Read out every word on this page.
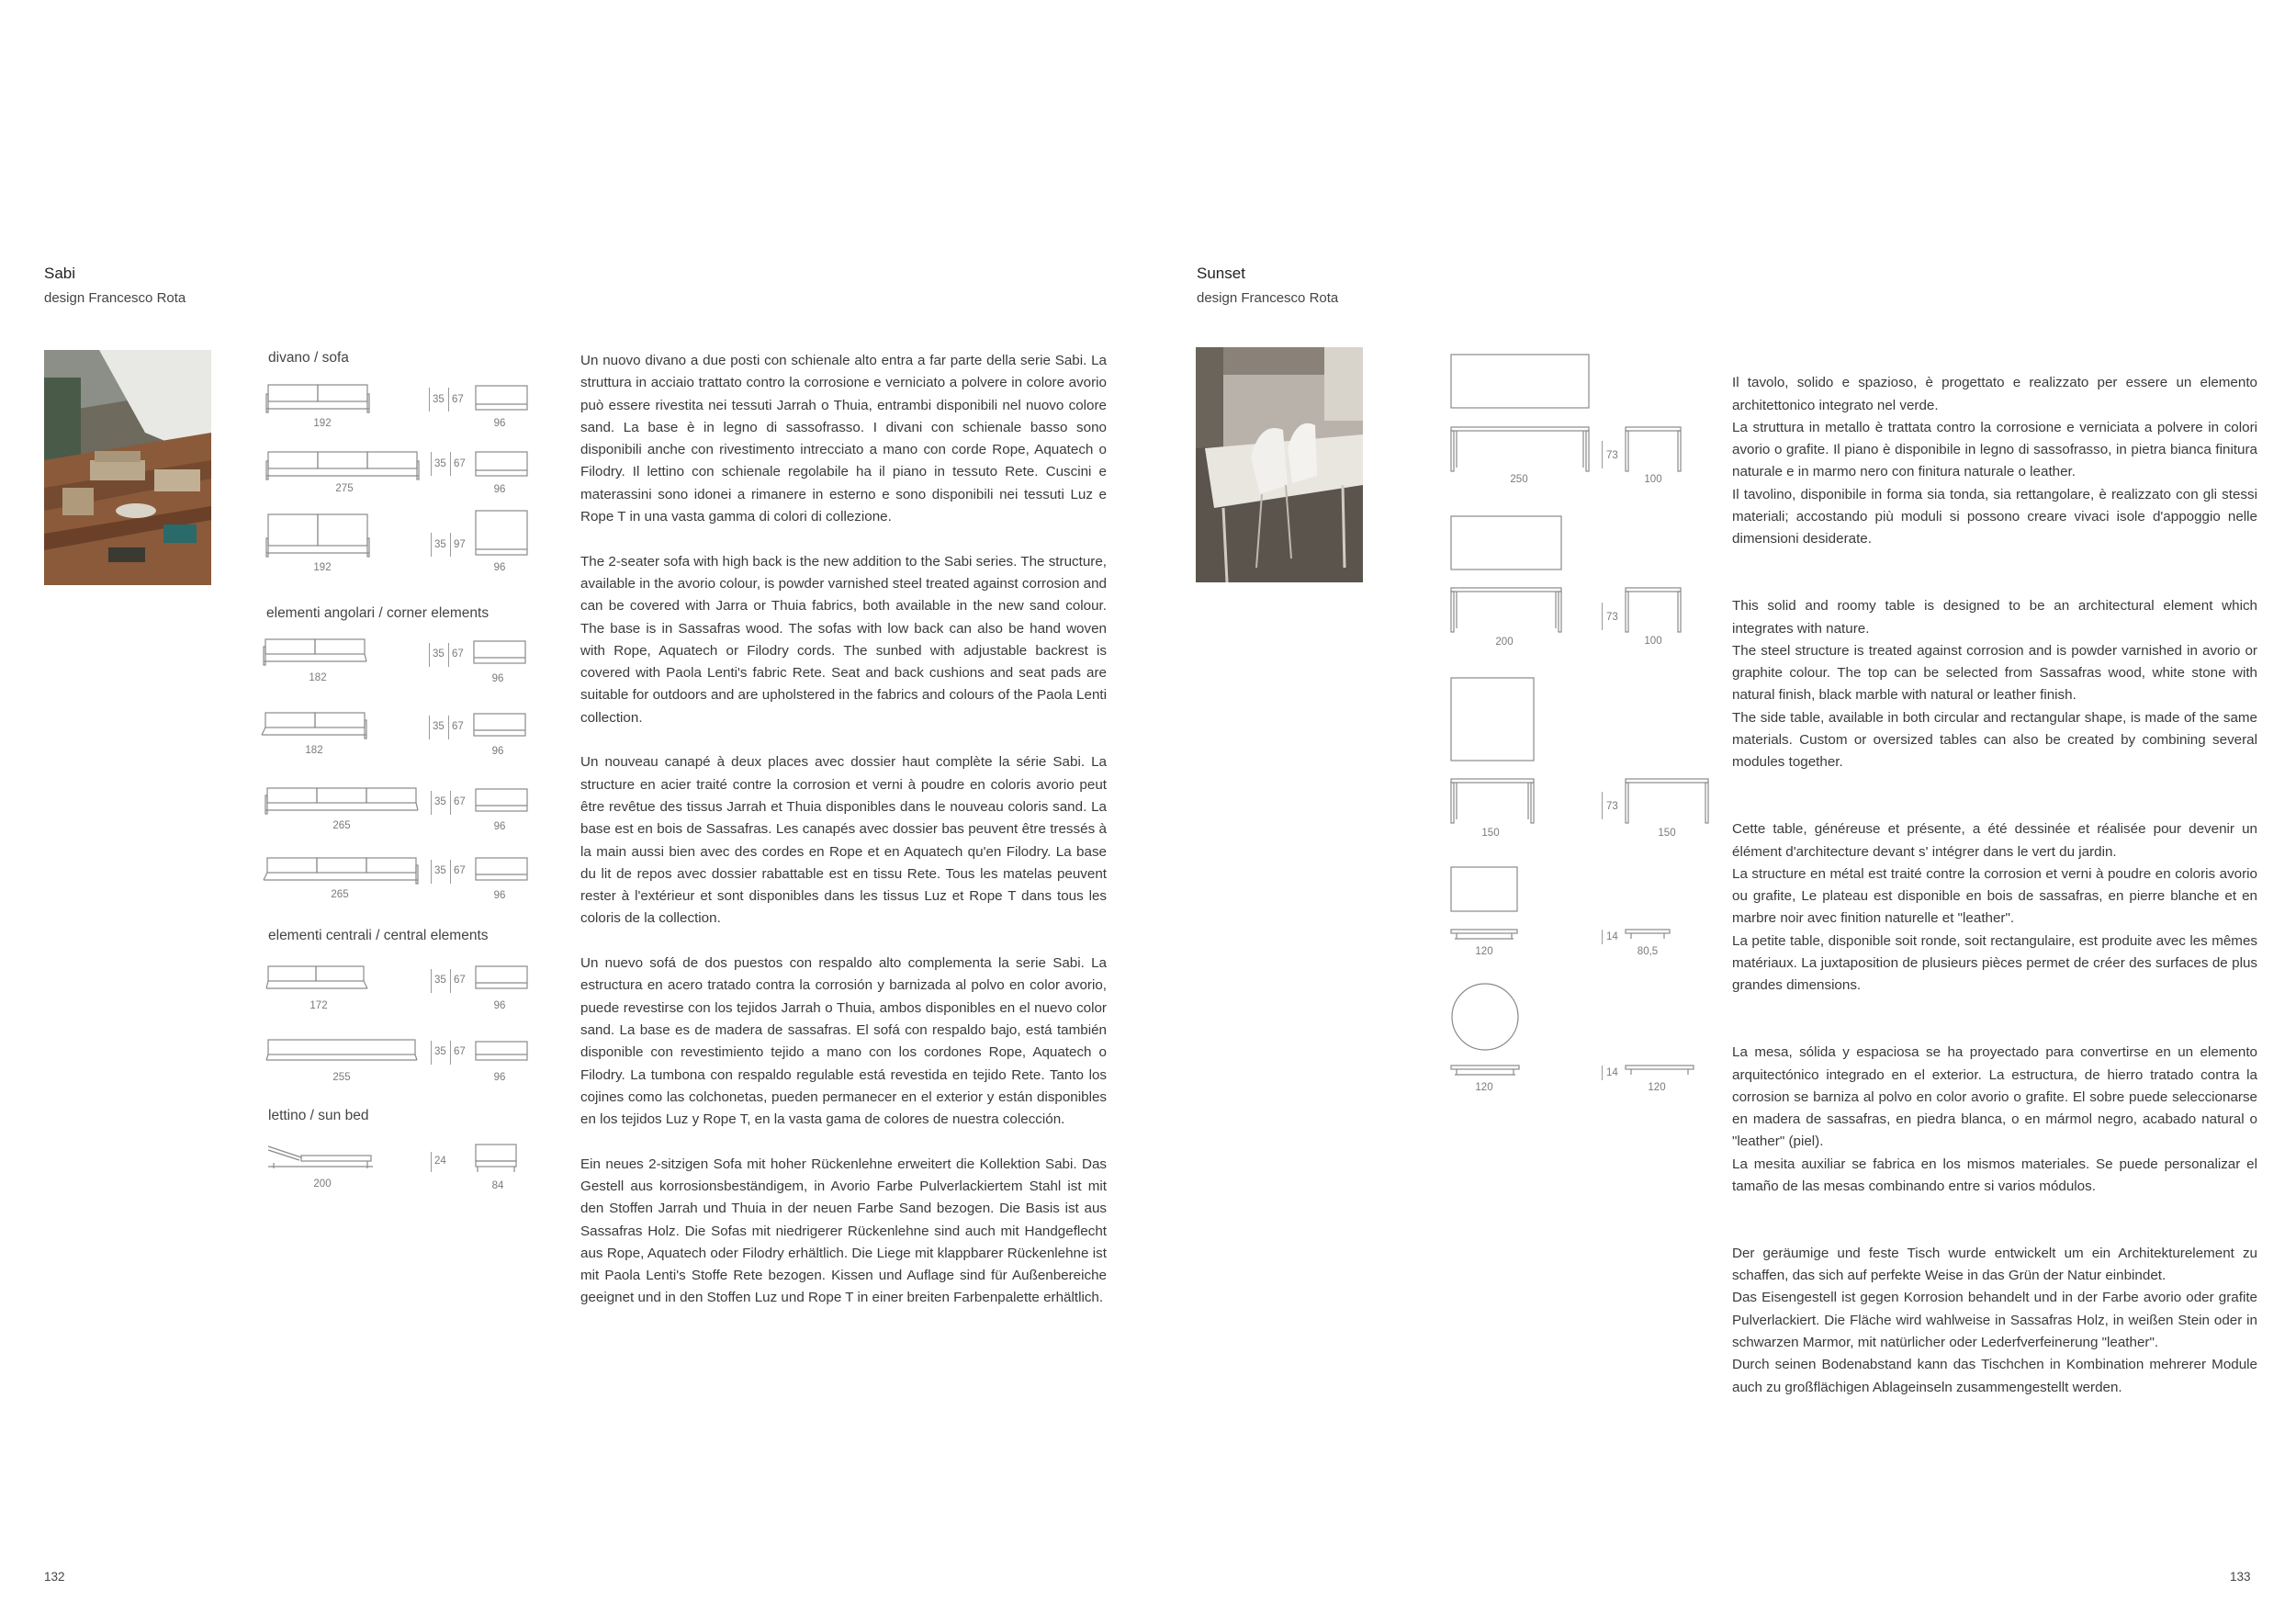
Sabi
design Francesco Rota
divano / sofa
elementi angolari / corner elements
elementi centrali / central elements
lettino / sun bed
192
35 67
96
275
35 67
96
192
35 97
96
182
35 67
96
182
35 67
96
265
35 67
96
265
35 67
96
172
35 67
96
255
35 67
96
200
24
84

Un nuovo divano a due posti con schienale alto entra a far parte della serie Sabi. La struttura in acciaio trattato contro la corrosione e verniciato a polvere in colore avorio può essere rivestita nei tessuti Jarrah o Thuia, entrambi disponibili nel nuovo colore sand. La base è in legno di sassofrasso. I divani con schienale basso sono disponibili anche con rivestimento intrecciato a mano con corde Rope, Aquatech o Filodry. Il lettino con schienale regolabile ha il piano in tessuto Rete. Cuscini e materassini sono idonei a rimanere in esterno e sono disponibili nei tessuti Luz e Rope T in una vasta gamma di colori di collezione.

The 2-seater sofa with high back is the new addition to the Sabi series. The structure, available in the avorio colour, is powder varnished steel treated against corrosion and can be covered with Jarra or Thuia fabrics, both available in the new sand colour. The base is in Sassafras wood. The sofas with low back can also be hand woven with Rope, Aquatech or Filodry cords. The sunbed with adjustable backrest is covered with Paola Lenti's fabric Rete. Seat and back cushions and seat pads are suitable for outdoors and are upholstered in the fabrics and colours of the Paola Lenti collection.

Un nouveau canapé à deux places avec dossier haut complète la série Sabi. La structure en acier traité contre la corrosion et verni à poudre en coloris avorio peut être revêtue des tissus Jarrah et Thuia disponibles dans le nouveau coloris sand. La base est en bois de Sassafras. Les canapés avec dossier bas peuvent être tressés à la main aussi bien avec des cordes en Rope et en Aquatech qu'en Filodry. La base du lit de repos avec dossier rabattable est en tissu Rete. Tous les matelas peuvent rester à l'extérieur et sont disponibles dans les tissus Luz et Rope T dans tous les coloris de la collection.

Un nuevo sofá de dos puestos con respaldo alto complementa la serie Sabi. La estructura en acero tratado contra la corrosión y barnizada al polvo en color avorio, puede revestirse con los tejidos Jarrah o Thuia, ambos disponibles en el nuevo color sand. La base es de madera de sassafras. El sofá con respaldo bajo, está también disponible con revestimiento tejido a mano con los cordones Rope, Aquatech o Filodry. La tumbona con respaldo regulable está revestida en tejido Rete. Tanto los cojines como las colchonetas, pueden permanecer en el exterior y están disponibles en los tejidos Luz y Rope T, en la vasta gama de colores de nuestra colección.

Ein neues 2-sitzigen Sofa mit hoher Rückenlehne erweitert die Kollektion Sabi. Das Gestell aus korrosionsbeständigem, in Avorio Farbe Pulverlackiertem Stahl ist mit den Stoffen Jarrah und Thuia in der neuen Farbe Sand bezogen. Die Basis ist aus Sassafras Holz. Die Sofas mit niedrigerer Rückenlehne sind auch mit Handgeflecht aus Rope, Aquatech oder Filodry erhältlich. Die Liege mit klappbarer Rückenlehne ist mit Paola Lenti's Stoffe Rete bezogen. Kissen und Auflage sind für Außenbereiche geeignet und in den Stoffen Luz und Rope T in einer breiten Farbenpalette erhältlich.

132
Sunset
design Francesco Rota
250
73
100
200
73
100
150
73
150
120
14
80,5
120
14
120

Il tavolo, solido e spazioso, è progettato e realizzato per essere un elemento architettonico integrato nel verde.
La struttura in metallo è trattata contro la corrosione e verniciata a polvere in colori avorio o grafite. Il piano è disponibile in legno di sassofrasso, in pietra bianca finitura naturale e in marmo nero con finitura naturale o leather.
Il tavolino, disponibile in forma sia tonda, sia rettangolare, è realizzato con gli stessi materiali; accostando più moduli si possono creare vivaci isole d'appoggio nelle dimensioni desiderate.

This solid and roomy table is designed to be an architectural element which integrates with nature.
The steel structure is treated against corrosion and is powder varnished in avorio or graphite colour. The top can be selected from Sassafras wood, white stone with natural finish, black marble with natural or leather finish.
The side table, available in both circular and rectangular shape, is made of the same materials. Custom or oversized tables can also be created by combining several modules together.

Cette table, généreuse et présente, a été dessinée et réalisée pour devenir un élément d'architecture devant s' intégrer dans le vert du jardin.
La structure en métal est traité contre la corrosion et verni à poudre en coloris avorio ou grafite, Le plateau est disponible en bois de sassafras, en pierre blanche et en marbre noir avec finition naturelle et "leather".
La petite table, disponible soit ronde, soit rectangulaire, est produite avec les mêmes matériaux. La juxtaposition de plusieurs pièces permet de créer des surfaces de plus grandes dimensions.

La mesa, sólida y espaciosa se ha proyectado para convertirse en un elemento arquitectónico integrado en el exterior. La estructura, de hierro tratado contra la corrosion se barniza al polvo en color avorio o grafite. El sobre puede seleccionarse en madera de sassafras, en piedra blanca, o en mármol negro, acabado natural o "leather" (piel).
La mesita auxiliar se fabrica en los mismos materiales. Se puede personalizar el tamaño de las mesas combinando entre si varios módulos.

Der geräumige und feste Tisch wurde entwickelt um ein Architekturelement zu schaffen, das sich auf perfekte Weise in das Grün der Natur einbindet.
Das Eisengestell ist gegen Korrosion behandelt und in der Farbe avorio oder grafite Pulverlackiert. Die Fläche wird wahlweise in Sassafras Holz, in weißen Stein oder in schwarzen Marmor, mit natürlicher oder Lederfverfeinerung "leather".
Durch seinen Bodenabstand kann das Tischchen in Kombination mehrerer Module auch zu großflächigen Ablageinseln zusammengestellt werden.

133
